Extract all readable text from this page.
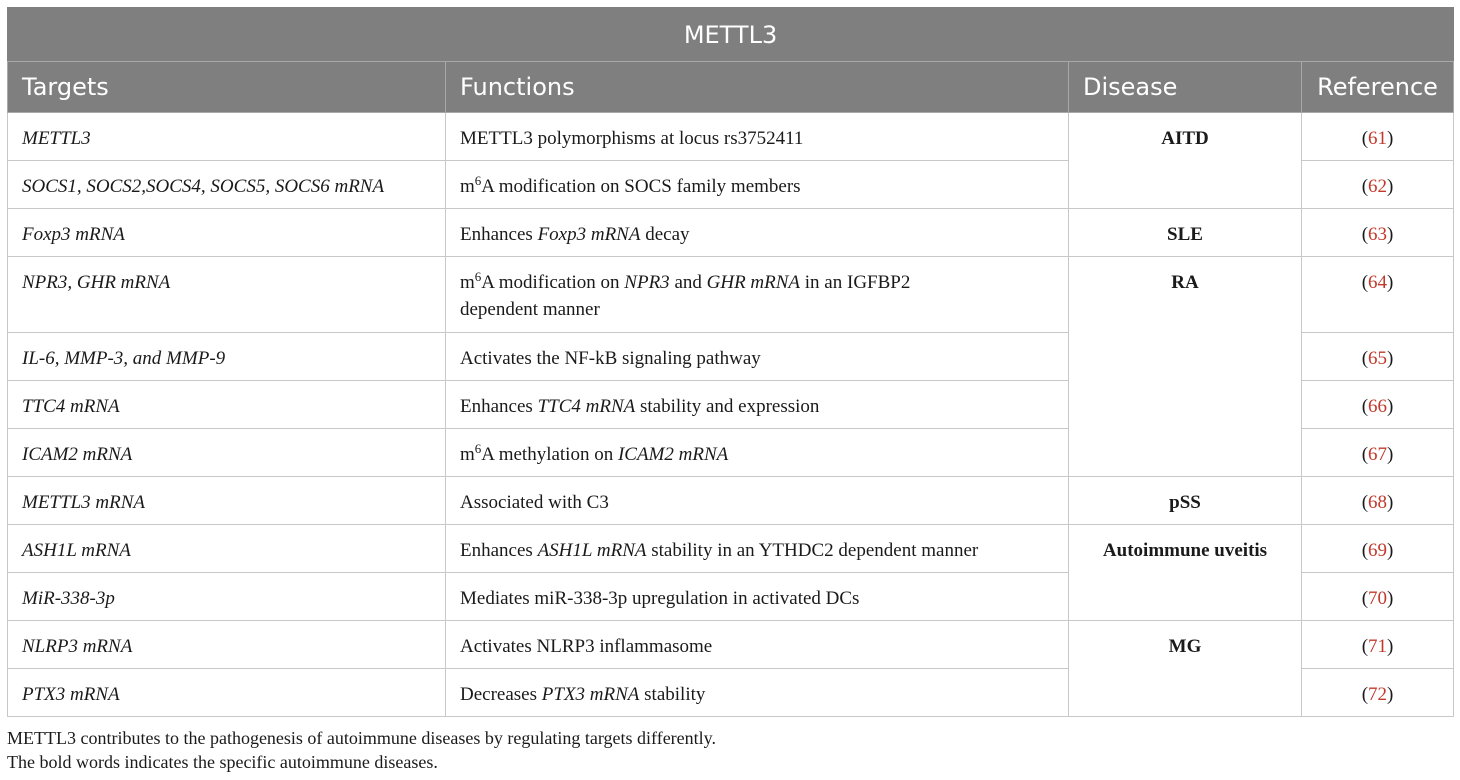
METTL3			
Targets	Functions	Disease	Reference
METTL3	METTL3 polymorphisms at locus rs3752411	AITD	(61)
SOCS1, SOCS2,SOCS4, SOCS5, SOCS6 mRNA	$m^6A$ modification on SOCS family members		(62)
Foxp3 mRNA	Enhances Foxp3 mRNA decay	SLE	(63)
NPR3, GHR mRNA	$m^6A$ modification on NPR3 and GHR mRNA in an IGFBP2
dependent manner	RA	(64)
IL-6, MMP-3, and MMP-9	Activates the NF-kB signaling pathway		(65)
TTC4 mRNA	Enhances TTC4 mRNA stability and expression		(66)
ICAM2 mRNA	$m^6A$ methylation on ICAM2 mRNA		(67)
METTL3 mRNA	Associated with C3	pSS	(68)
ASH1L mRNA	Enhances ASH1L mRNA stability in an YTHDC2 dependent manner	Autoimmune uveitis	(69)
MiR-338-3p	Mediates miR-338-3p upregulation in activated DCs		(70)
NLRP3 mRNA	Activates NLRP3 inflammasome	MG	(71)
PTX3 mRNA	Decreases PTX3 mRNA stability		(72)

METTL3 contributes to the pathogenesis of autoimmune diseases by regulating targets differently.

The bold words indicates the specific autoimmune diseases.
